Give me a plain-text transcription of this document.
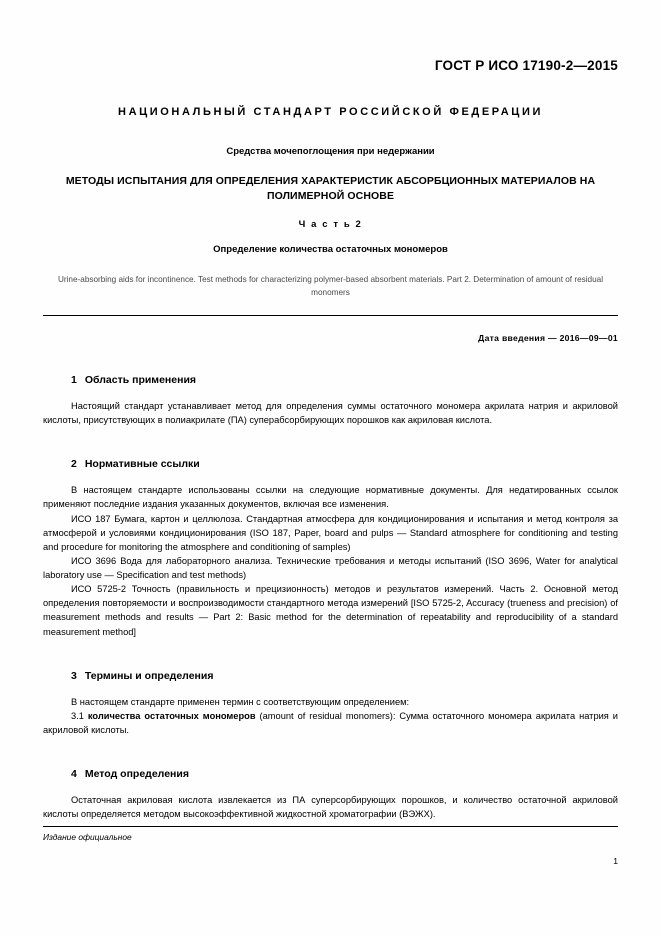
ГОСТ Р ИСО 17190-2—2015
НАЦИОНАЛЬНЫЙ СТАНДАРТ РОССИЙСКОЙ ФЕДЕРАЦИИ
Средства мочепоглощения при недержании
МЕТОДЫ ИСПЫТАНИЯ ДЛЯ ОПРЕДЕЛЕНИЯ ХАРАКТЕРИСТИК АБСОРБЦИОННЫХ МАТЕРИАЛОВ НА ПОЛИМЕРНОЙ ОСНОВЕ
Ч а с т ь 2
Определение количества остаточных мономеров
Urine-absorbing aids for incontinence. Test methods for characterizing polymer-based absorbent materials. Part 2. Determination of amount of residual monomers
Дата введения — 2016—09—01
1 Область применения

Настоящий стандарт устанавливает метод для определения суммы остаточного мономера акрилата натрия и акриловой кислоты, присутствующих в полиакрилате (ПА) суперабсорбирующих порошков как акриловая кислота.

2 Нормативные ссылки

В настоящем стандарте использованы ссылки на следующие нормативные документы. Для недатированных ссылок применяют последние издания указанных документов, включая все изменения.

ИСО 187 Бумага, картон и целлюлоза. Стандартная атмосфера для кондиционирования и испытания и метод контроля за атмосферой и условиями кондиционирования (ISO 187, Paper, board and pulps — Standard atmosphere for conditioning and testing and procedure for monitoring the atmosphere and conditioning of samples)

ИСО 3696 Вода для лабораторного анализа. Технические требования и методы испытаний (ISO 3696, Water for analytical laboratory use — Specification and test methods)

ИСО 5725-2 Точность (правильность и прецизионность) методов и результатов измерений. Часть 2. Основной метод определения повторяемости и воспроизводимости стандартного метода измерений [ISO 5725-2, Accuracy (trueness and precision) of measurement methods and results — Part 2: Basic method for the determination of repeatability and reproducibility of a standard measurement method]

3 Термины и определения

В настоящем стандарте применен термин с соответствующим определением:

3.1 количества остаточных мономеров (amount of residual monomers): Сумма остаточного мономера акрилата натрия и акриловой кислоты.

4 Метод определения

Остаточная акриловая кислота извлекается из ПА суперсорбирующих порошков, и количество остаточной акриловой кислоты определяется методом высокоэффективной жидкостной хроматографии (ВЭЖХ).

Издание официальное
1
